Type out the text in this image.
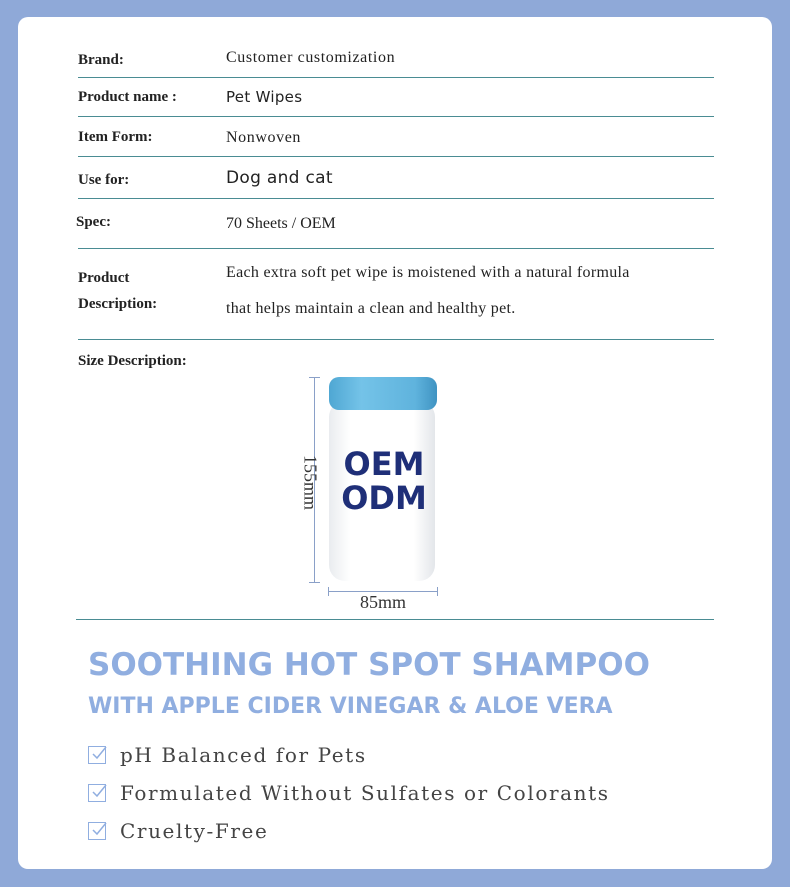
Brand:	Customer customization
Product name :	Pet Wipes
Item Form:	Nonwoven
Use for:	Dog and cat
Spec:	70 Sheets / OEM
Product
Description:
Each extra soft pet wipe is moistened with a natural formula
that helps maintain a clean and healthy pet.
Size Description:
155mm
85mm
OEM
ODM
SOOTHING HOT SPOT SHAMPOO
WITH APPLE CIDER VINEGAR & ALOE VERA
pH Balanced for Pets
Formulated Without Sulfates or Colorants
Cruelty-Free
